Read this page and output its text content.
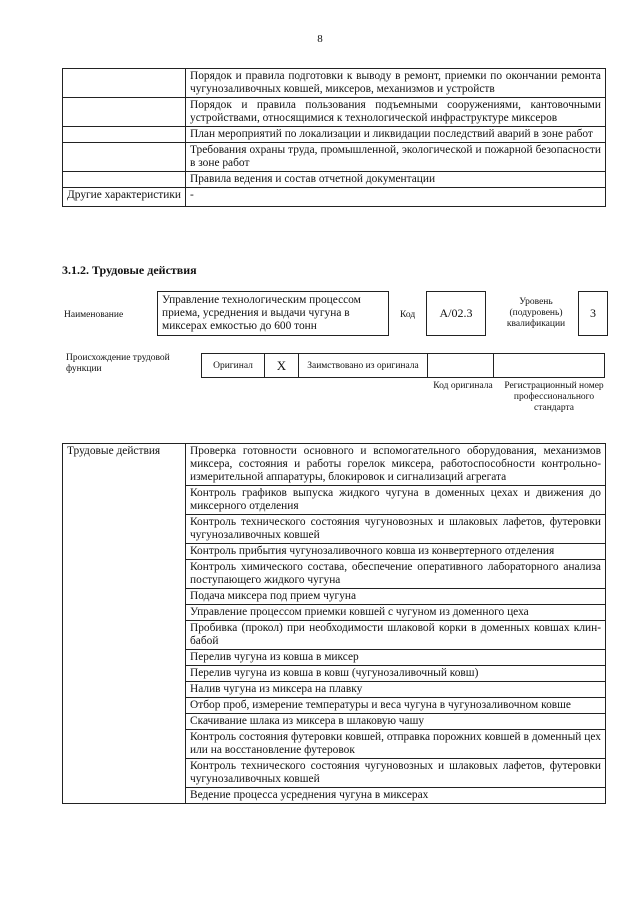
8
	Порядок и правила подготовки к выводу в ремонт, приемки по окончании ремонта чугунозаливочных ковшей, миксеров, механизмов и устройств
	Порядок и правила пользования подъемными сооружениями, кантовочными устройствами, относящимися к технологической инфраструктуре миксеров
	План мероприятий по локализации и ликвидации последствий аварий в зоне работ
	Требования охраны труда, промышленной, экологической и пожарной безопасности в зоне работ
	Правила ведения и состав отчетной документации
Другие характеристики	-
3.1.2. Трудовые действия
Наименование
Управление технологическим процессом приема, усреднения и выдачи чугуна в миксерах емкостью до 600 тонн
Код	А/02.3
Уровень (подуровень) квалификации
3
Происхождение трудовой функции	Оригинал	X	Заимствовано из оригинала
Код оригинала	Регистрационный номер профессионального стандарта
Трудовые действия	Проверка готовности основного и вспомогательного оборудования, механизмов миксера, состояния и работы горелок миксера, работоспособности контрольно-измерительной аппаратуры, блокировок и сигнализаций агрегата
Контроль графиков выпуска жидкого чугуна в доменных цехах и движения до миксерного отделения
Контроль технического состояния чугуновозных и шлаковых лафетов, футеровки чугунозаливочных ковшей
Контроль прибытия чугунозаливочного ковша из конвертерного отделения
Контроль химического состава, обеспечение оперативного лабораторного анализа поступающего жидкого чугуна
Подача миксера под прием чугуна
Управление процессом приемки ковшей с чугуном из доменного цеха
Пробивка (прокол) при необходимости шлаковой корки в доменных ковшах клин-бабой
Перелив чугуна из ковша в миксер
Перелив чугуна из ковша в ковш (чугунозаливочный ковш)
Налив чугуна из миксера на плавку
Отбор проб, измерение температуры и веса чугуна в чугунозаливочном ковше
Скачивание шлака из миксера в шлаковую чашу
Контроль состояния футеровки ковшей, отправка порожних ковшей в доменный цех или на восстановление футеровок
Контроль технического состояния чугуновозных и шлаковых лафетов, футеровки чугунозаливочных ковшей
Ведение процесса усреднения чугуна в миксерах
